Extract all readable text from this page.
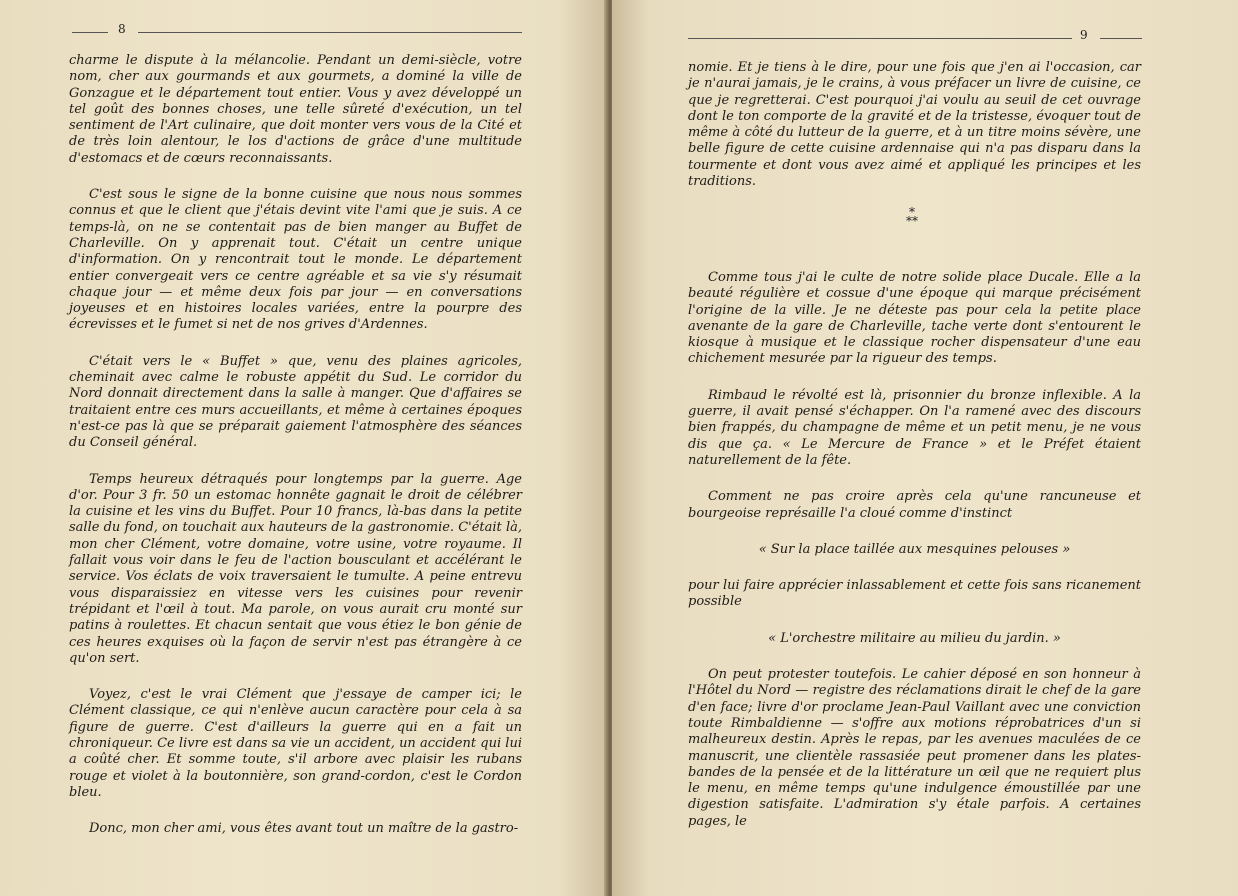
8

charme le dispute à la mélancolie. Pendant un demi-siècle, votre nom, cher aux gourmands et aux gourmets, a dominé la ville de Gonzague et le département tout entier. Vous y avez développé un tel goût des bonnes choses, une telle sûreté d'exécution, un tel sentiment de l'Art culinaire, que doit monter vers vous de la Cité et de très loin alentour, le los d'actions de grâce d'une multitude d'estomacs et de cœurs reconnaissants.

C'est sous le signe de la bonne cuisine que nous nous sommes connus et que le client que j'étais devint vite l'ami que je suis. A ce temps-là, on ne se contentait pas de bien manger au Buffet de Charleville. On y apprenait tout. C'était un centre unique d'information. On y rencontrait tout le monde. Le département entier convergeait vers ce centre agréable et sa vie s'y résumait chaque jour — et même deux fois par jour — en conversations joyeuses et en histoires locales variées, entre la pourpre des écrevisses et le fumet si net de nos grives d'Ardennes.

C'était vers le « Buffet » que, venu des plaines agricoles, cheminait avec calme le robuste appétit du Sud. Le corridor du Nord donnait directement dans la salle à manger. Que d'affaires se traitaient entre ces murs accueillants, et même à certaines époques n'est-ce pas là que se préparait gaiement l'atmosphère des séances du Conseil général.

Temps heureux détraqués pour longtemps par la guerre. Age d'or. Pour 3 fr. 50 un estomac honnête gagnait le droit de célébrer la cuisine et les vins du Buffet. Pour 10 francs, là-bas dans la petite salle du fond, on touchait aux hauteurs de la gastronomie. C'était là, mon cher Clément, votre domaine, votre usine, votre royaume. Il fallait vous voir dans le feu de l'action bousculant et accélérant le service. Vos éclats de voix traversaient le tumulte. A peine entrevu vous disparaissiez en vitesse vers les cuisines pour revenir trépidant et l'œil à tout. Ma parole, on vous aurait cru monté sur patins à roulettes. Et chacun sentait que vous étiez le bon génie de ces heures exquises où la façon de servir n'est pas étrangère à ce qu'on sert.

Voyez, c'est le vrai Clément que j'essaye de camper ici; le Clément classique, ce qui n'enlève aucun caractère pour cela à sa figure de guerre. C'est d'ailleurs la guerre qui en a fait un chroniqueur. Ce livre est dans sa vie un accident, un accident qui lui a coûté cher. Et somme toute, s'il arbore avec plaisir les rubans rouge et violet à la boutonnière, son grand-cordon, c'est le Cordon bleu.

Donc, mon cher ami, vous êtes avant tout un maître de la gastro-

9

nomie. Et je tiens à le dire, pour une fois que j'en ai l'occasion, car je n'aurai jamais, je le crains, à vous préfacer un livre de cuisine, ce que je regretterai. C'est pourquoi j'ai voulu au seuil de cet ouvrage dont le ton comporte de la gravité et de la tristesse, évoquer tout de même à côté du lutteur de la guerre, et à un titre moins sévère, une belle figure de cette cuisine ardennaise qui n'a pas disparu dans la tourmente et dont vous avez aimé et appliqué les principes et les traditions.

*
**

Comme tous j'ai le culte de notre solide place Ducale. Elle a la beauté régulière et cossue d'une époque qui marque précisément l'origine de la ville. Je ne déteste pas pour cela la petite place avenante de la gare de Charleville, tache verte dont s'entourent le kiosque à musique et le classique rocher dispensateur d'une eau chichement mesurée par la rigueur des temps.

Rimbaud le révolté est là, prisonnier du bronze inflexible. A la guerre, il avait pensé s'échapper. On l'a ramené avec des discours bien frappés, du champagne de même et un petit menu, je ne vous dis que ça. « Le Mercure de France » et le Préfet étaient naturellement de la fête.

Comment ne pas croire après cela qu'une rancuneuse et bourgeoise représaille l'a cloué comme d'instinct

« Sur la place taillée aux mesquines pelouses »

pour lui faire apprécier inlassablement et cette fois sans ricanement possible

« L'orchestre militaire au milieu du jardin. »

On peut protester toutefois. Le cahier déposé en son honneur à l'Hôtel du Nord — registre des réclamations dirait le chef de la gare d'en face; livre d'or proclame Jean-Paul Vaillant avec une conviction toute Rimbaldienne — s'offre aux motions réprobatrices d'un si malheureux destin. Après le repas, par les avenues maculées de ce manuscrit, une clientèle rassasiée peut promener dans les plates-bandes de la pensée et de la littérature un œil que ne requiert plus le menu, en même temps qu'une indulgence émoustillée par une digestion satisfaite. L'admiration s'y étale parfois. A certaines pages, le
